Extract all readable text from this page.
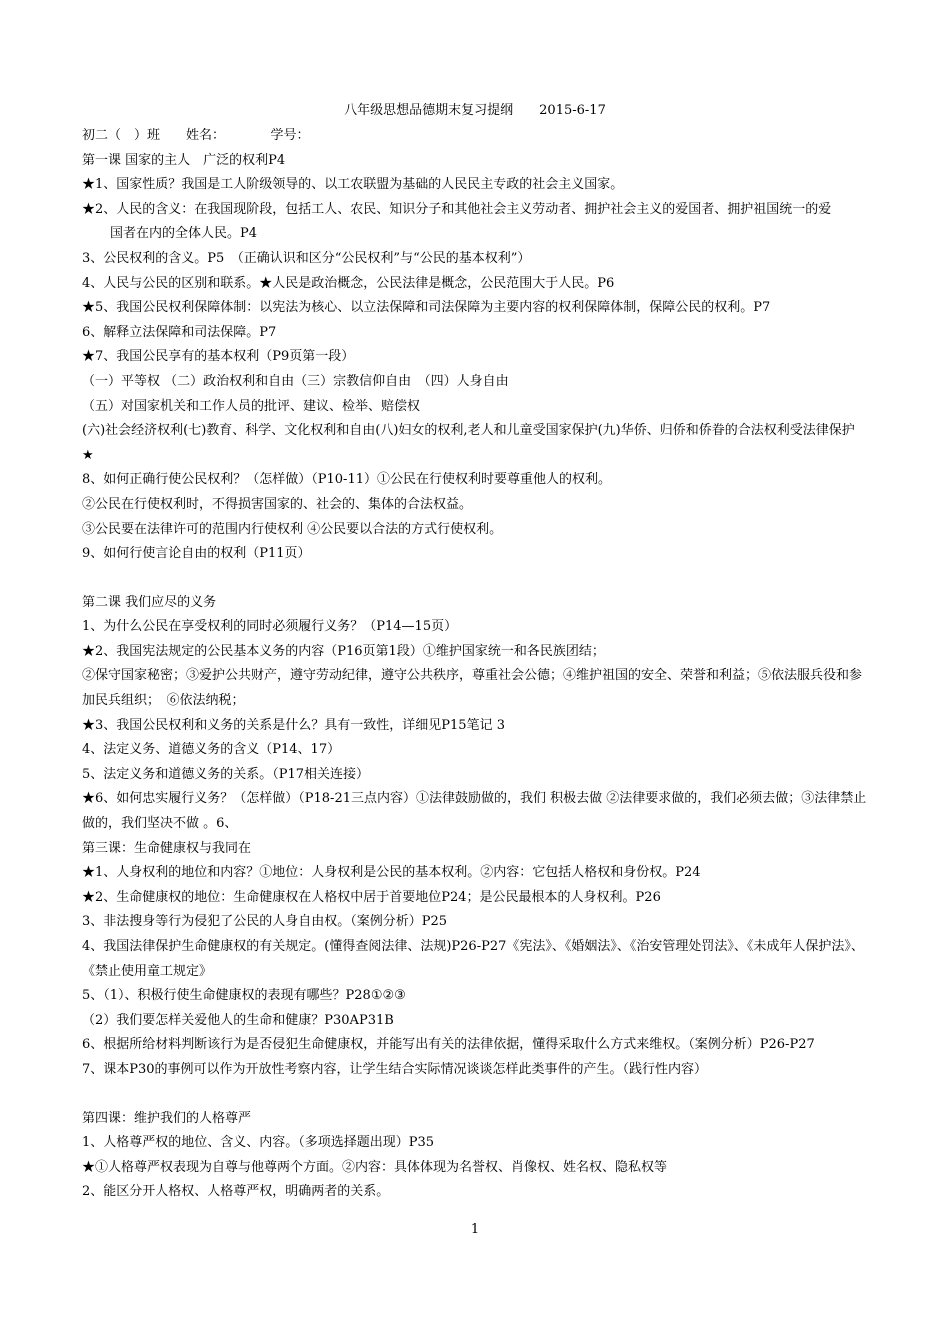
八年级思想品德期末复习提纲　　2015-6-17
初二（　）班　　姓名：　　　　学号：
第一课 国家的主人　广泛的权利P4
★1、国家性质？我国是工人阶级领导的、以工农联盟为基础的人民民主专政的社会主义国家。
★2、人民的含义：在我国现阶段，包括工人、农民、知识分子和其他社会主义劳动者、拥护社会主义的爱国者、拥护祖国统一的爱
国者在内的全体人民。P4
3、公民权利的含义。P5　（正确认识和区分“公民权利”与“公民的基本权利”）
4、人民与公民的区别和联系。★人民是政治概念，公民法律是概念，公民范围大于人民。P6
★5、我国公民权利保障体制：以宪法为核心、以立法保障和司法保障为主要内容的权利保障体制，保障公民的权利。P7
6、解释立法保障和司法保障。P7
★7、我国公民享有的基本权利（P9页第一段）
（一）平等权 （二）政治权利和自由（三）宗教信仰自由　（四）人身自由
（五）对国家机关和工作人员的批评、建议、检举、赔偿权
(六)社会经济权利(七)教育、科学、文化权利和自由(八)妇女的权利,老人和儿童受国家保护(九)华侨、归侨和侨眷的合法权利受法律保护
★
8、如何正确行使公民权利？（怎样做）（P10-11）①公民在行使权利时要尊重他人的权利。
②公民在行使权利时，不得损害国家的、社会的、集体的合法权益。
③公民要在法律许可的范围内行使权利 ④公民要以合法的方式行使权利。
9、如何行使言论自由的权利（P11页）
第二课 我们应尽的义务
1、为什么公民在享受权利的同时必须履行义务？（P14—15页）
★2、我国宪法规定的公民基本义务的内容（P16页第1段）①维护国家统一和各民族团结；
②保守国家秘密；③爱护公共财产，遵守劳动纪律，遵守公共秩序，尊重社会公德；④维护祖国的安全、荣誉和利益；⑤依法服兵役和参加民兵组织；　⑥依法纳税；
★3、我国公民权利和义务的关系是什么？具有一致性，详细见P15笔记 3
4、法定义务、道德义务的含义（P14、17）
5、法定义务和道德义务的关系。（P17相关连接）
★6、如何忠实履行义务？（怎样做）（P18-21三点内容）①法律鼓励做的，我们 积极去做 ②法律要求做的，我们必须去做；③法律禁止做的，我们坚决不做 。6、
第三课：生命健康权与我同在
★1、人身权利的地位和内容？①地位：人身权利是公民的基本权利。②内容：它包括人格权和身份权。P24
★2、生命健康权的地位：生命健康权在人格权中居于首要地位P24；是公民最根本的人身权利。P26
3、非法搜身等行为侵犯了公民的人身自由权。（案例分析）P25
4、我国法律保护生命健康权的有关规定。(懂得查阅法律、法规)P26-P27《宪法》、《婚姻法》、《治安管理处罚法》、《未成年人保护法》、《禁止使用童工规定》
5、（1）、积极行使生命健康权的表现有哪些？P28①②③
（2）我们要怎样关爱他人的生命和健康？P30AP31B
6、根据所给材料判断该行为是否侵犯生命健康权，并能写出有关的法律依据，懂得采取什么方式来维权。（案例分析）P26-P27
7、课本P30的事例可以作为开放性考察内容，让学生结合实际情况谈谈怎样此类事件的产生。（践行性内容）
第四课：维护我们的人格尊严
1、人格尊严权的地位、含义、内容。（多项选择题出现）P35
★①人格尊严权表现为自尊与他尊两个方面。②内容：具体体现为名誉权、肖像权、姓名权、隐私权等
2、能区分开人格权、人格尊严权，明确两者的关系。
1
